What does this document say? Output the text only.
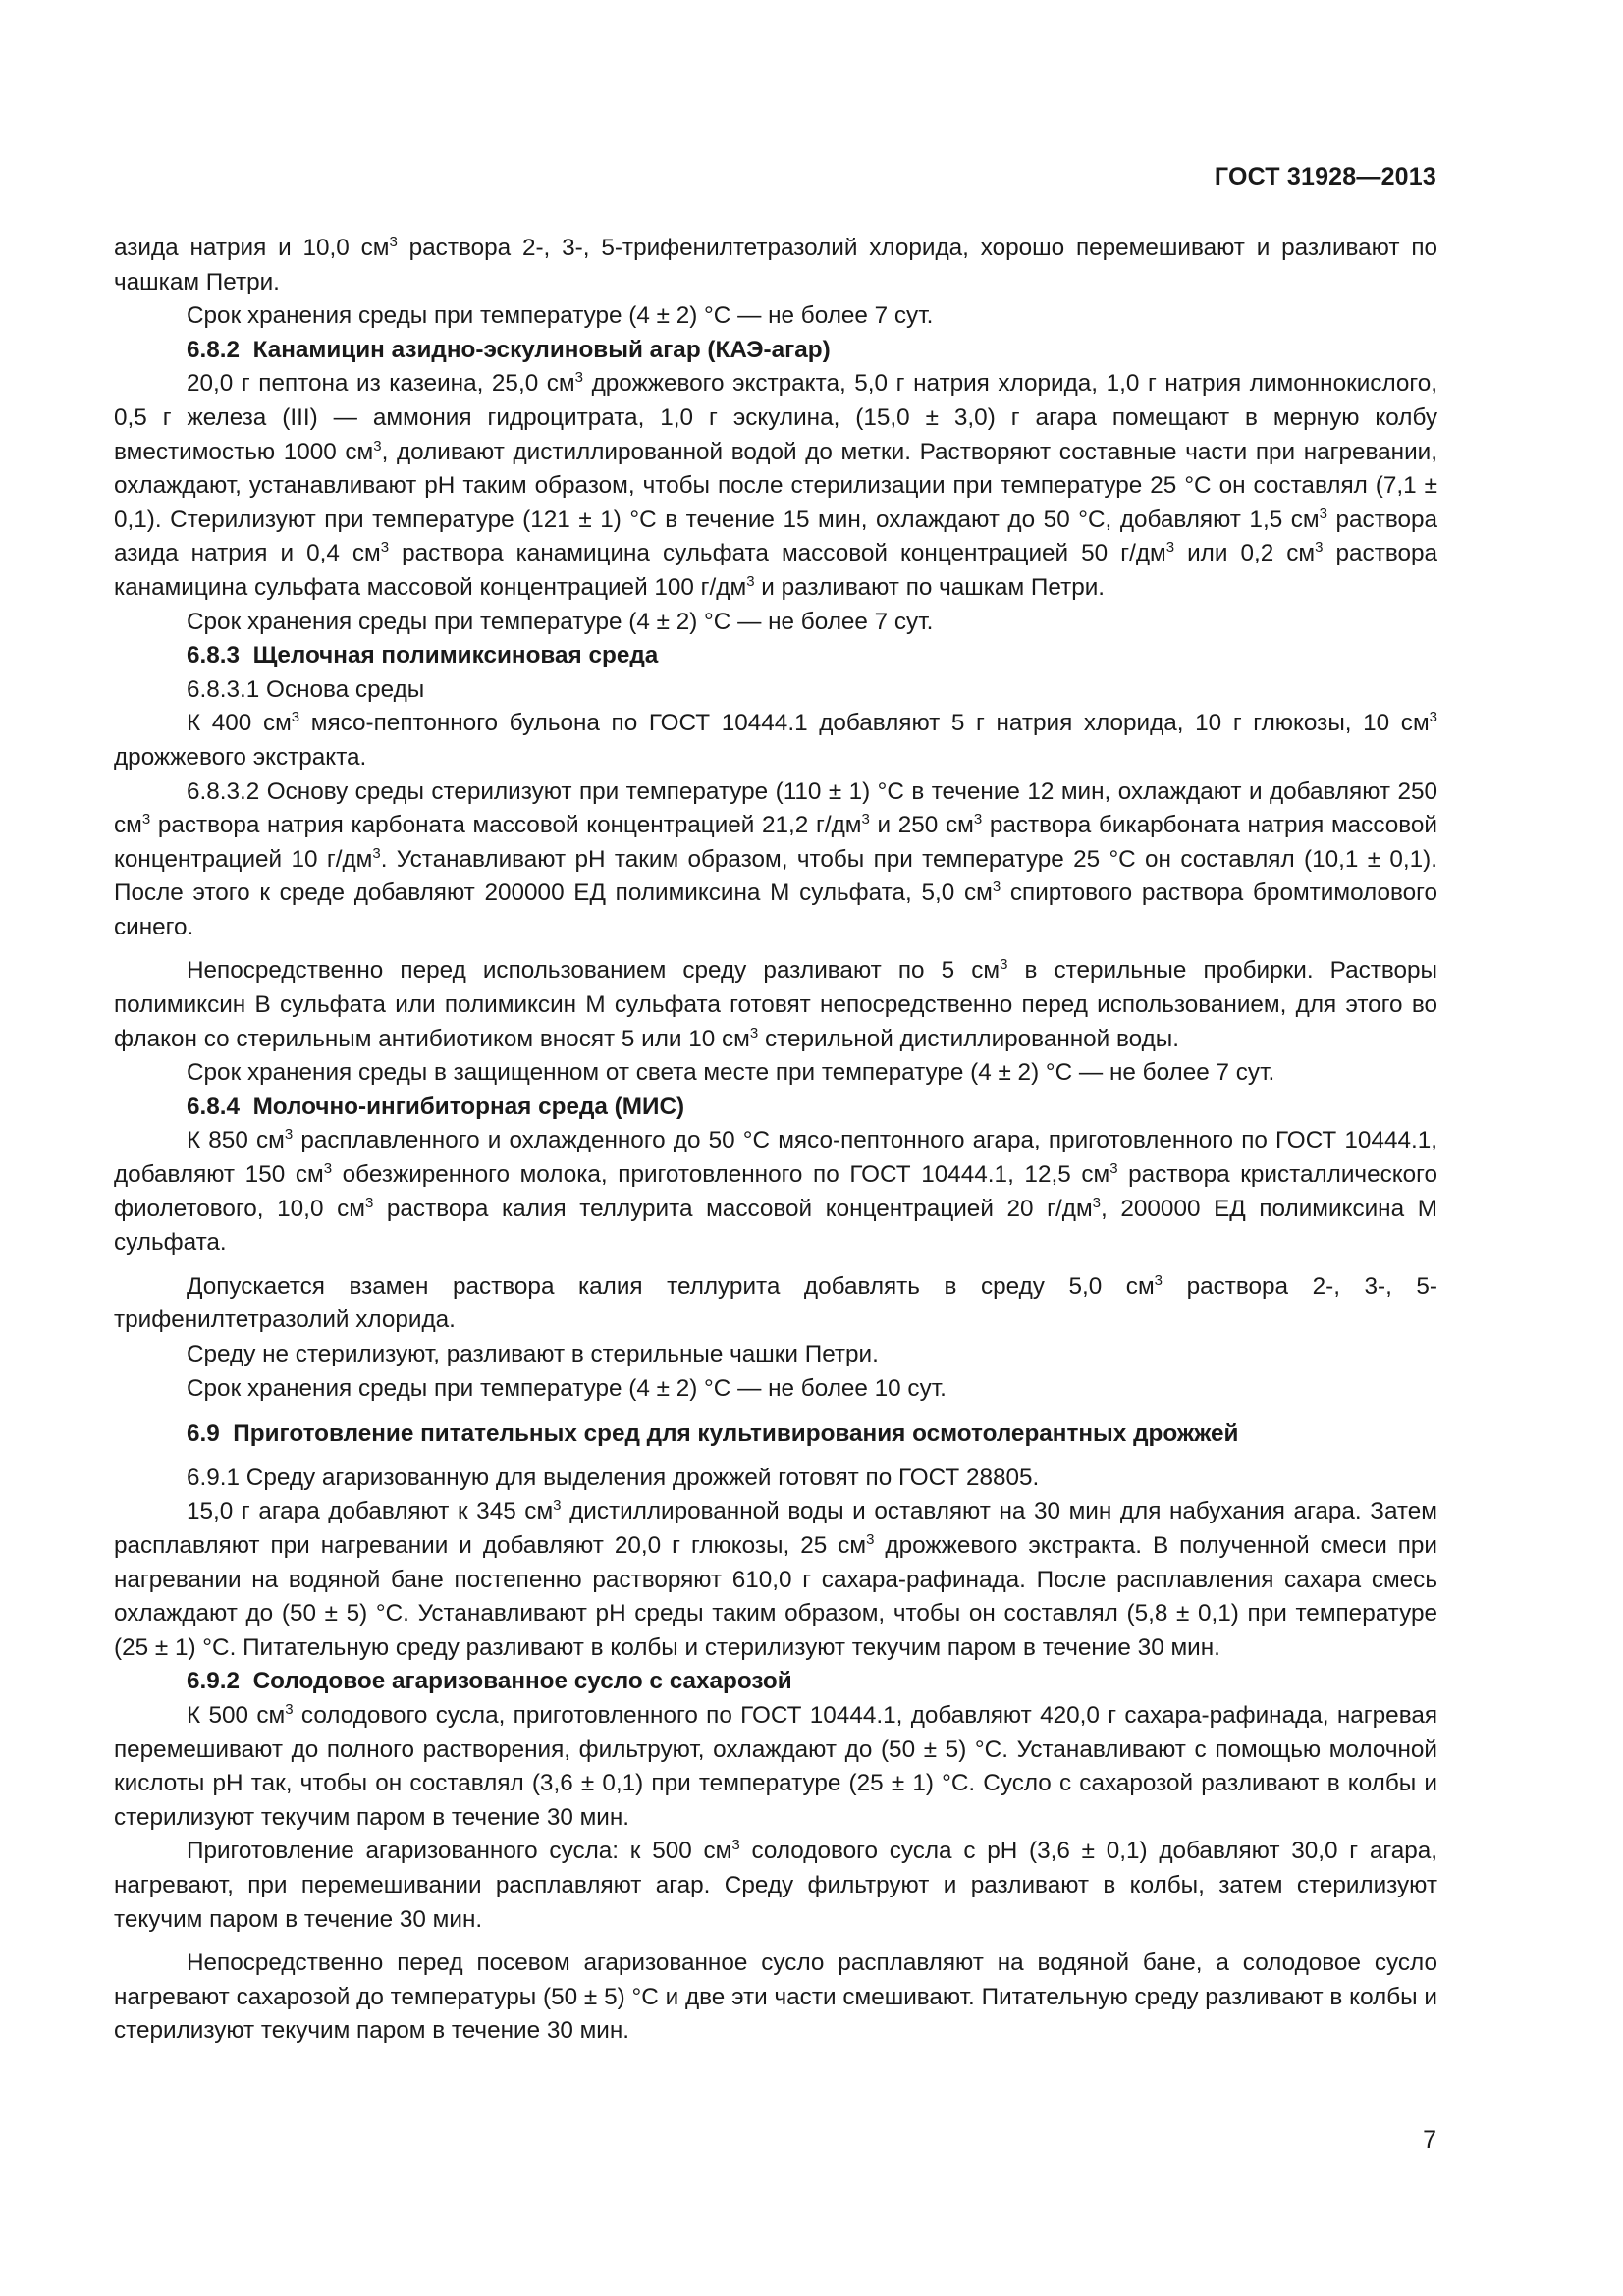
ГОСТ 31928—2013

азида натрия и 10,0 $см^3$ раствора 2-, 3-, 5-трифенилтетразолий хлорида, хорошо перемешивают и разливают по чашкам Петри.

Срок хранения среды при температуре (4 ± 2) °С — не более 7 сут.

6.8.2 Канамицин азидно-эскулиновый агар (КАЭ-агар)

20,0 г пептона из казеина, 25,0 $см^3$ дрожжевого экстракта, 5,0 г натрия хлорида, 1,0 г натрия лимоннокислого, 0,5 г железа (III) — аммония гидроцитрата, 1,0 г эскулина, (15,0 ± 3,0) г агара помещают в мерную колбу вместимостью 1000 $см^3$, доливают дистиллированной водой до метки. Растворяют составные части при нагревании, охлаждают, устанавливают рН таким образом, чтобы после стерилизации при температуре 25 °С он составлял (7,1 ± 0,1). Стерилизуют при температуре (121 ± 1) °С в течение 15 мин, охлаждают до 50 °С, добавляют 1,5 $см^3$ раствора азида натрия и 0,4 $см^3$ раствора канамицина сульфата массовой концентрацией 50 $г/дм^3$ или 0,2 $см^3$ раствора канамицина сульфата массовой концентрацией 100 $г/дм^3$ и разливают по чашкам Петри.

Срок хранения среды при температуре (4 ± 2) °С — не более 7 сут.

6.8.3 Щелочная полимиксиновая среда

6.8.3.1 Основа среды

К 400 $см^3$ мясо-пептонного бульона по ГОСТ 10444.1 добавляют 5 г натрия хлорида, 10 г глюкозы, 10 $см^3$ дрожжевого экстракта.

6.8.3.2 Основу среды стерилизуют при температуре (110 ± 1) °С в течение 12 мин, охлаждают и добавляют 250 $см^3$ раствора натрия карбоната массовой концентрацией 21,2 $г/дм^3$ и 250 $см^3$ раствора бикарбоната натрия массовой концентрацией 10 $г/дм^3$. Устанавливают рН таким образом, чтобы при температуре 25 °С он составлял (10,1 ± 0,1). После этого к среде добавляют 200000 ЕД полимиксина М сульфата, 5,0 $см^3$ спиртового раствора бромтимолового синего.

Непосредственно перед использованием среду разливают по 5 $см^3$ в стерильные пробирки. Растворы полимиксин В сульфата или полимиксин М сульфата готовят непосредственно перед использованием, для этого во флакон со стерильным антибиотиком вносят 5 или 10 $см^3$ стерильной дистиллированной воды.

Срок хранения среды в защищенном от света месте при температуре (4 ± 2) °С — не более 7 сут.

6.8.4 Молочно-ингибиторная среда (МИС)

К 850 $см^3$ расплавленного и охлажденного до 50 °С мясо-пептонного агара, приготовленного по ГОСТ 10444.1, добавляют 150 $см^3$ обезжиренного молока, приготовленного по ГОСТ 10444.1, 12,5 $см^3$ раствора кристаллического фиолетового, 10,0 $см^3$ раствора калия теллурита массовой концентрацией 20 $г/дм^3$, 200000 ЕД полимиксина М сульфата.

Допускается взамен раствора калия теллурита добавлять в среду 5,0 $см^3$ раствора 2-, 3-, 5-трифенилтетразолий хлорида.

Среду не стерилизуют, разливают в стерильные чашки Петри.

Срок хранения среды при температуре (4 ± 2) °С — не более 10 сут.

6.9 Приготовление питательных сред для культивирования осмотолерантных дрожжей

6.9.1 Среду агаризованную для выделения дрожжей готовят по ГОСТ 28805.

15,0 г агара добавляют к 345 $см^3$ дистиллированной воды и оставляют на 30 мин для набухания агара. Затем расплавляют при нагревании и добавляют 20,0 г глюкозы, 25 $см^3$ дрожжевого экстракта. В полученной смеси при нагревании на водяной бане постепенно растворяют 610,0 г сахара-рафинада. После расплавления сахара смесь охлаждают до (50 ± 5) °С. Устанавливают рН среды таким образом, чтобы он составлял (5,8 ± 0,1) при температуре (25 ± 1) °С. Питательную среду разливают в колбы и стерилизуют текучим паром в течение 30 мин.

6.9.2 Солодовое агаризованное сусло с сахарозой

К 500 $см^3$ солодового сусла, приготовленного по ГОСТ 10444.1, добавляют 420,0 г сахара-рафинада, нагревая перемешивают до полного растворения, фильтруют, охлаждают до (50 ± 5) °С. Устанавливают с помощью молочной кислоты рН так, чтобы он составлял (3,6 ± 0,1) при температуре (25 ± 1) °С. Сусло с сахарозой разливают в колбы и стерилизуют текучим паром в течение 30 мин.

Приготовление агаризованного сусла: к 500 $см^3$ солодового сусла с рН (3,6 ± 0,1) добавляют 30,0 г агара, нагревают, при перемешивании расплавляют агар. Среду фильтруют и разливают в колбы, затем стерилизуют текучим паром в течение 30 мин.

Непосредственно перед посевом агаризованное сусло расплавляют на водяной бане, а солодовое сусло нагревают сахарозой до температуры (50 ± 5) °С и две эти части смешивают. Питательную среду разливают в колбы и стерилизуют текучим паром в течение 30 мин.

7
